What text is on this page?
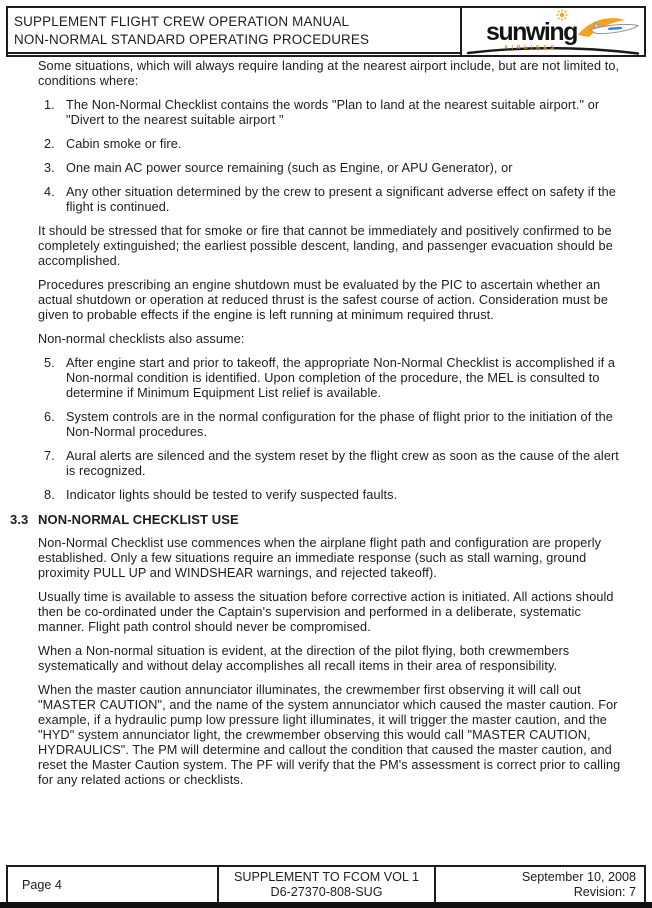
SUPPLEMENT FLIGHT CREW OPERATION MANUAL
NON-NORMAL STANDARD OPERATING PROCEDURES	sunwing
AIRLINES

Some situations, which will always require landing at the nearest airport include, but are not limited to, conditions where:

1. The Non-Normal Checklist contains the words "Plan to land at the nearest suitable airport." or "Divert to the nearest suitable airport "
2. Cabin smoke or fire.
3. One main AC power source remaining (such as Engine, or APU Generator), or
4. Any other situation determined by the crew to present a significant adverse effect on safety if the flight is continued.

It should be stressed that for smoke or fire that cannot be immediately and positively confirmed to be completely extinguished; the earliest possible descent, landing, and passenger evacuation should be accomplished.

Procedures prescribing an engine shutdown must be evaluated by the PIC to ascertain whether an actual shutdown or operation at reduced thrust is the safest course of action. Consideration must be given to probable effects if the engine is left running at minimum required thrust.

Non-normal checklists also assume:

5. After engine start and prior to takeoff, the appropriate Non-Normal Checklist is accomplished if a Non-normal condition is identified. Upon completion of the procedure, the MEL is consulted to determine if Minimum Equipment List relief is available.
6. System controls are in the normal configuration for the phase of flight prior to the initiation of the Non-Normal procedures.
7. Aural alerts are silenced and the system reset by the flight crew as soon as the cause of the alert is recognized.
8. Indicator lights should be tested to verify suspected faults.
3.3 NON-NORMAL CHECKLIST USE

Non-Normal Checklist use commences when the airplane flight path and configuration are properly established. Only a few situations require an immediate response (such as stall warning, ground proximity PULL UP and WINDSHEAR warnings, and rejected takeoff).

Usually time is available to assess the situation before corrective action is initiated. All actions should then be co-ordinated under the Captain's supervision and performed in a deliberate, systematic manner. Flight path control should never be compromised.

When a Non-normal situation is evident, at the direction of the pilot flying, both crewmembers systematically and without delay accomplishes all recall items in their area of responsibility.

When the master caution annunciator illuminates, the crewmember first observing it will call out "MASTER CAUTION", and the name of the system annunciator which caused the master caution. For example, if a hydraulic pump low pressure light illuminates, it will trigger the master caution, and the "HYD" system annunciator light, the crewmember observing this would call "MASTER CAUTION, HYDRAULICS". The PM will determine and callout the condition that caused the master caution, and reset the Master Caution system. The PF will verify that the PM's assessment is correct prior to calling for any related actions or checklists.

Page 4
SUPPLEMENT TO FCOM VOL 1
D6-27370-808-SUG
September 10, 2008
Revision: 7
